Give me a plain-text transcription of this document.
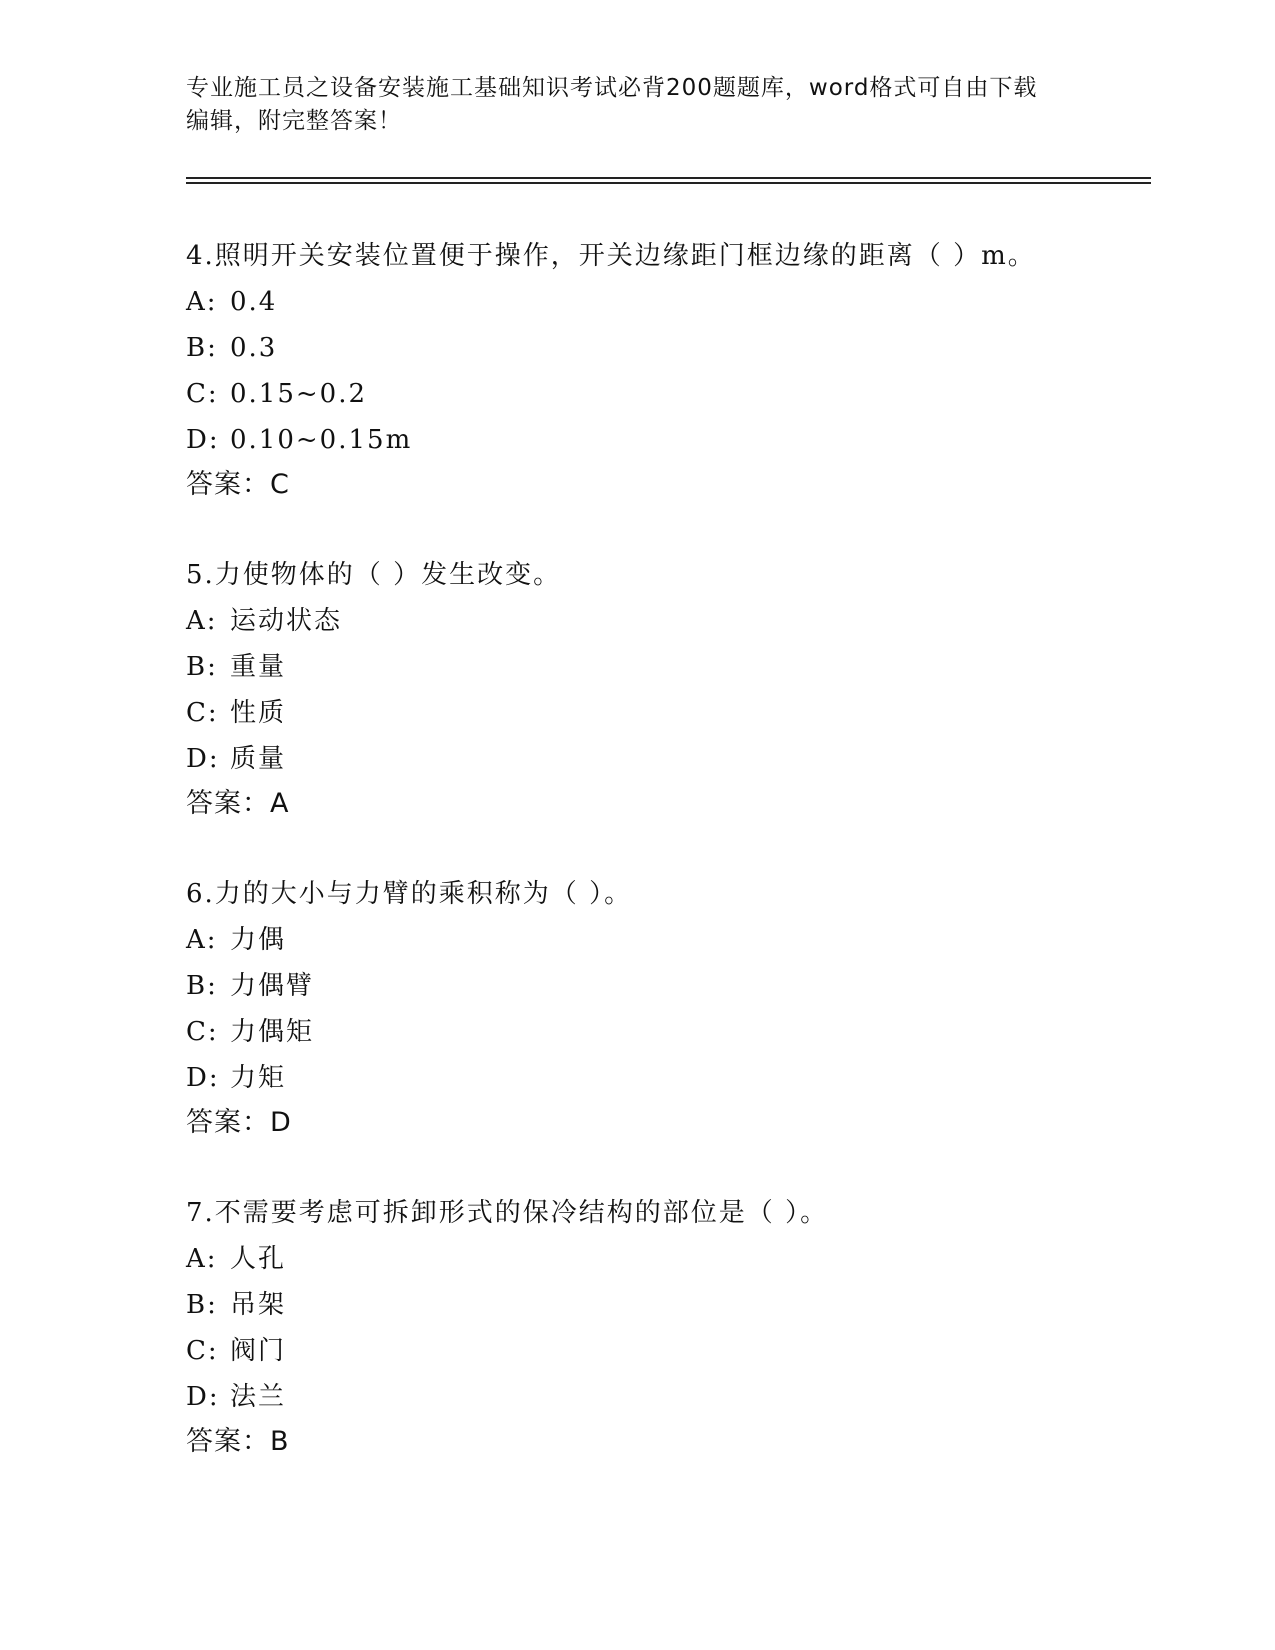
专业施工员之设备安装施工基础知识考试必背200题题库，word格式可自由下载
编辑，附完整答案！
4.照明开关安装位置便于操作，开关边缘距门框边缘的距离（ ）m。
A: 0.4
B: 0.3
C: 0.15~0.2
D: 0.10~0.15m
答案：C
5.力使物体的（ ）发生改变。
A: 运动状态
B: 重量
C: 性质
D: 质量
答案：A
6.力的大小与力臂的乘积称为（ ）。
A: 力偶
B: 力偶臂
C: 力偶矩
D: 力矩
答案：D
7.不需要考虑可拆卸形式的保冷结构的部位是（ ）。
A: 人孔
B: 吊架
C: 阀门
D: 法兰
答案：B
